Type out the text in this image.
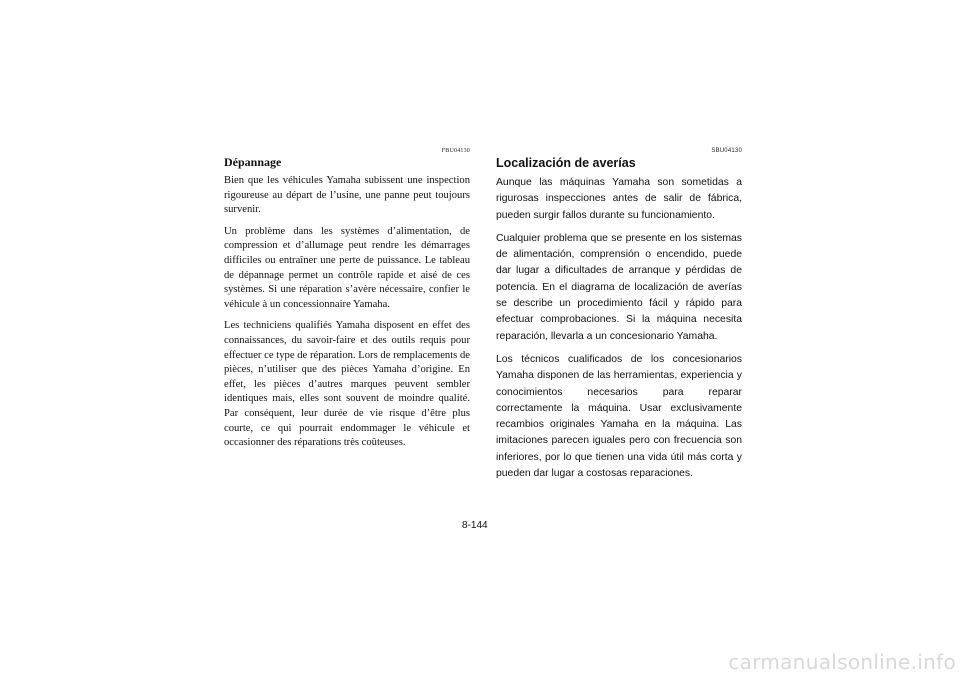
FBU04130
Dépannage

Bien que les véhicules Yamaha subissent une inspection rigoureuse au départ de l’usine, une panne peut toujours survenir.

Un problème dans les systèmes d’alimentation, de compression et d’allumage peut rendre les démarrages difficiles ou entraîner une perte de puissance. Le tableau de dépannage permet un contrôle rapide et aisé de ces systèmes. Si une réparation s’avère nécessaire, confier le véhicule à un concessionnaire Yamaha.

Les techniciens qualifiés Yamaha disposent en effet des connaissances, du savoir-faire et des outils requis pour effectuer ce type de réparation. Lors de remplacements de pièces, n’utiliser que des pièces Yamaha d’origine. En effet, les pièces d’autres marques peuvent sembler identiques mais, elles sont souvent de moindre qualité. Par conséquent, leur durée de vie risque d’être plus courte, ce qui pourrait endommager le véhicule et occasionner des réparations très coûteuses.

SBU04130
Localización de averías

Aunque las máquinas Yamaha son sometidas a rigurosas inspecciones antes de salir de fábrica, pueden surgir fallos durante su funcionamiento.

Cualquier problema que se presente en los sistemas de alimentación, comprensión o encendido, puede dar lugar a dificultades de arranque y pérdidas de potencia. En el diagrama de localización de averías se describe un procedimiento fácil y rápido para efectuar comprobaciones. Si la máquina necesita reparación, llevarla a un concesionario Yamaha.

Los técnicos cualificados de los concesionarios Yamaha disponen de las herramientas, experiencia y conocimientos necesarios para reparar correctamente la máquina. Usar exclusivamente recambios originales Yamaha en la máquina. Las imitaciones parecen iguales pero con frecuencia son inferiores, por lo que tienen una vida útil más corta y pueden dar lugar a costosas reparaciones.

8-144
carmanualsonline.info
